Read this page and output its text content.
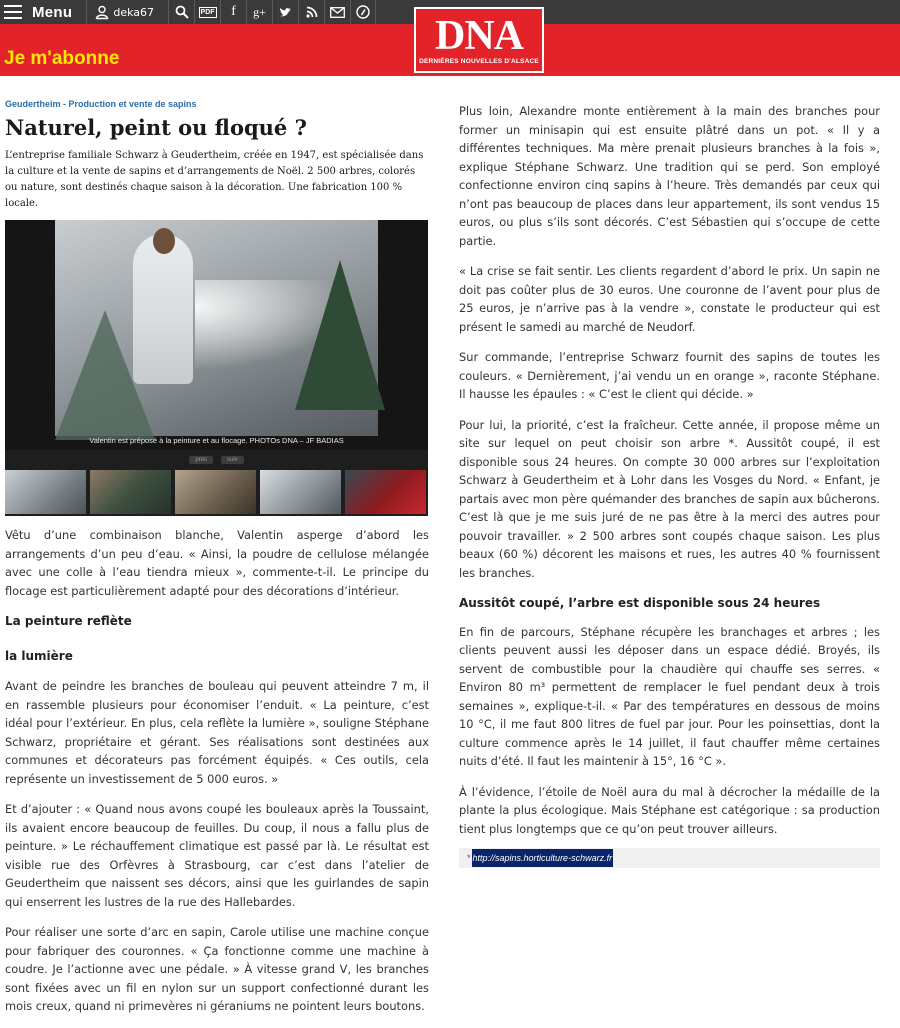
Menu	deka67	PDF f g+
Je m'abonne	DNA
DERNIÈRES NOUVELLES D'ALSACE
Geudertheim - Production et vente de sapins
Naturel, peint ou floqué ?

L’entreprise familiale Schwarz à Geudertheim, créée en 1947, est spécialisée dans la culture et la vente de sapins et d’arrangements de Noël. 2 500 arbres, colorés ou nature, sont destinés chaque saison à la décoration. Une fabrication 100 % locale.

Valentin est préposé à la peinture et au flocage. PHOTOs DNA – JF BADIAS
prec	suiv

Vêtu d’une combinaison blanche, Valentin asperge d’abord les arrangements d’un peu d’eau. « Ainsi, la poudre de cellulose mélangée avec une colle à l’eau tiendra mieux », commente-t-il. Le principe du flocage est particulièrement adapté pour des décorations d’intérieur.

La peinture reflète
la lumière

Avant de peindre les branches de bouleau qui peuvent atteindre 7 m, il en rassemble plusieurs pour économiser l’enduit. « La peinture, c’est idéal pour l’extérieur. En plus, cela reflète la lumière », souligne Stéphane Schwarz, propriétaire et gérant. Ses réalisations sont destinées aux communes et décorateurs pas forcément équipés. « Ces outils, cela représente un investissement de 5 000 euros. »

Et d’ajouter : « Quand nous avons coupé les bouleaux après la Toussaint, ils avaient encore beaucoup de feuilles. Du coup, il nous a fallu plus de peinture. » Le réchauffement climatique est passé par là. Le résultat est visible rue des Orfèvres à Strasbourg, car c’est dans l’atelier de Geudertheim que naissent ses décors, ainsi que les guirlandes de sapin qui enserrent les lustres de la rue des Hallebardes.

Pour réaliser une sorte d’arc en sapin, Carole utilise une machine conçue pour fabriquer des couronnes. « Ça fonctionne comme une machine à coudre. Je l’actionne avec une pédale. » À vitesse grand V, les branches sont fixées avec un fil en nylon sur un support confectionné durant les mois creux, quand ni primevères ni géraniums ne pointent leurs boutons.

Plus loin, Alexandre monte entièrement à la main des branches pour former un minisapin qui est ensuite plâtré dans un pot. « Il y a différentes techniques. Ma mère prenait plusieurs branches à la fois », explique Stéphane Schwarz. Une tradition qui se perd. Son employé confectionne environ cinq sapins à l’heure. Très demandés par ceux qui n’ont pas beaucoup de places dans leur appartement, ils sont vendus 15 euros, ou plus s’ils sont décorés. C’est Sébastien qui s’occupe de cette partie.

« La crise se fait sentir. Les clients regardent d’abord le prix. Un sapin ne doit pas coûter plus de 30 euros. Une couronne de l’avent pour plus de 25 euros, je n’arrive pas à la vendre », constate le producteur qui est présent le samedi au marché de Neudorf.

Sur commande, l’entreprise Schwarz fournit des sapins de toutes les couleurs. « Dernièrement, j’ai vendu un en orange », raconte Stéphane. Il hausse les épaules : « C’est le client qui décide. »

Pour lui, la priorité, c’est la fraîcheur. Cette année, il propose même un site sur lequel on peut choisir son arbre *. Aussitôt coupé, il est disponible sous 24 heures. On compte 30 000 arbres sur l’exploitation Schwarz à Geudertheim et à Lohr dans les Vosges du Nord. « Enfant, je partais avec mon père quémander des branches de sapin aux bûcherons. C’est là que je me suis juré de ne pas être à la merci des autres pour pouvoir travailler. » 2 500 arbres sont coupés chaque saison. Les plus beaux (60 %) décorent les maisons et rues, les autres 40 % fournissent les branches.

Aussitôt coupé, l’arbre est disponible sous 24 heures

En fin de parcours, Stéphane récupère les branchages et arbres ; les clients peuvent aussi les déposer dans un espace dédié. Broyés, ils servent de combustible pour la chaudière qui chauffe ses serres. « Environ 80 m³ permettent de remplacer le fuel pendant deux à trois semaines », explique-t-il. « Par des températures en dessous de moins 10 °C, il me faut 800 litres de fuel par jour. Pour les poinsettias, dont la culture commence après le 14 juillet, il faut chauffer même certaines nuits d’été. Il faut les maintenir à 15°, 16 °C ».

À l’évidence, l’étoile de Noël aura du mal à décrocher la médaille de la plante la plus écologique. Mais Stéphane est catégorique : sa production tient plus longtemps que ce qu’on peut trouver ailleurs.

* http://sapins.horticulture-schwarz.fr
